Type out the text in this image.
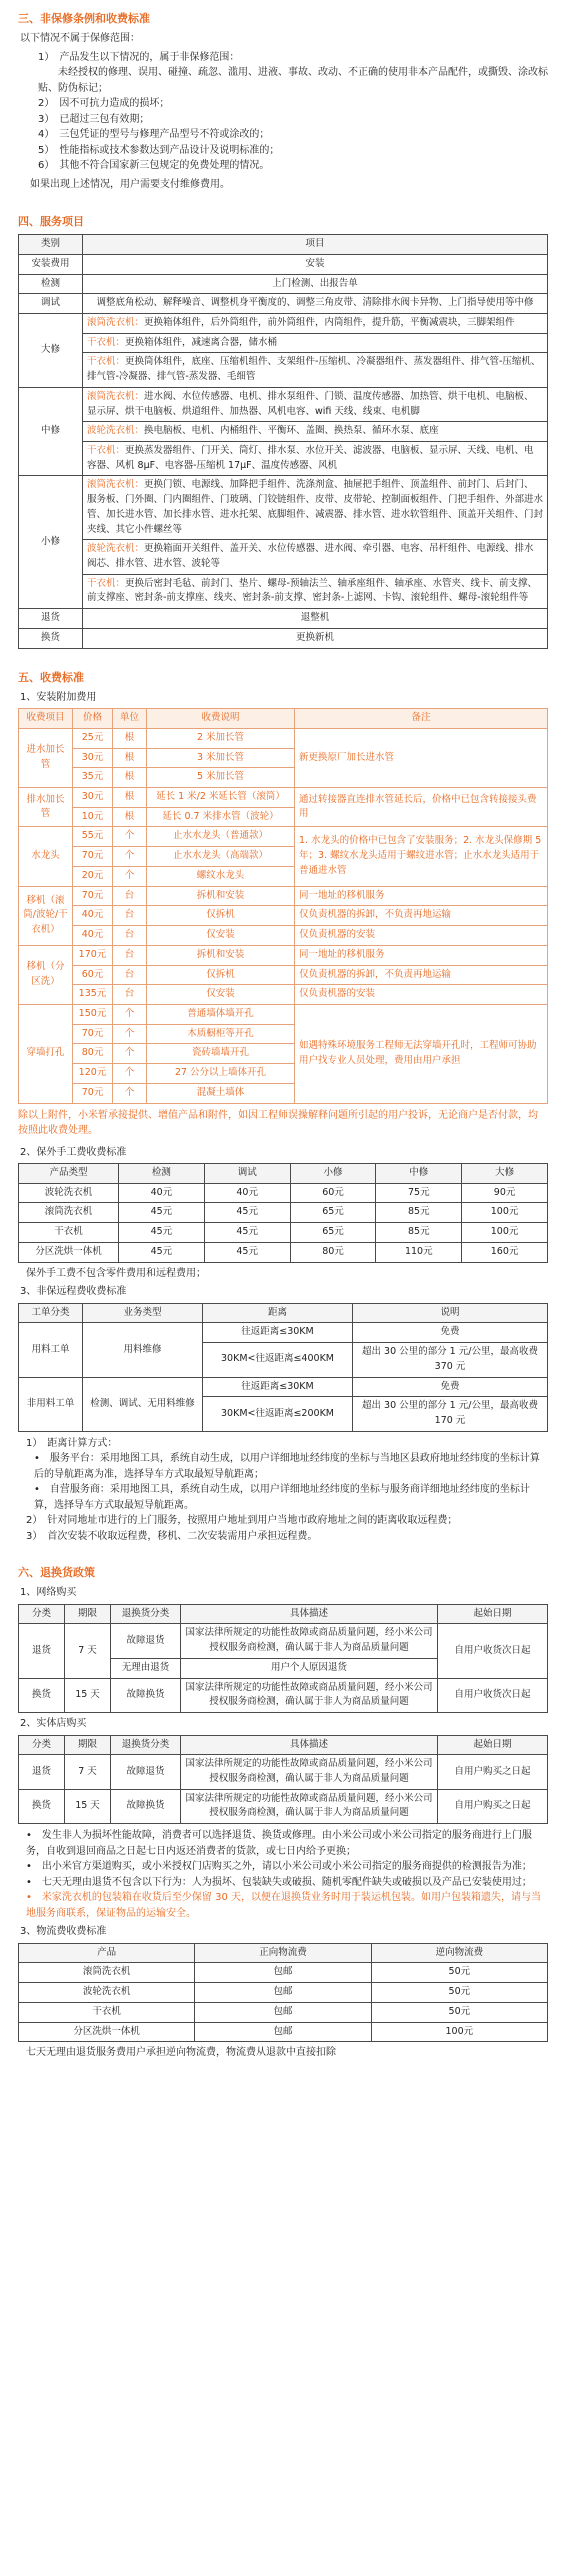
三、非保修条例和收费标准
以下情况不属于保修范围：
1）　产品发生以下情况的，属于非保修范围：
　　未经授权的修理、误用、碰撞、疏忽、滥用、进液、事故、改动、不正确的使用非本产品配件，或撕毁、涂改标贴、防伪标记；
2）　因不可抗力造成的损坏；
3）　已超过三包有效期；
4）　三包凭证的型号与修理产品型号不符或涂改的；
5）　性能指标或技术参数达到产品设计及说明标准的；
6）　其他不符合国家新三包规定的免费处理的情况。
如果出现上述情况，用户需要支付维修费用。
四、服务项目
类别	项目
安装费用	安装
检测	上门检测、出报告单
调试	调整底角松动、解释噪音、调整机身平衡度的、调整三角皮带、清除排水阀卡异物、上门指导使用等中修
大修	滚筒洗衣机：更换箱体组件，后外筒组件，前外筒组件，内筒组件，提升筋，平衡减震块，三脚架组件
	干衣机：更换箱体组件，减速离合器，储水桶
	干衣机：更换筒体组件，底座、压缩机组件、支架组件-压缩机、冷凝器组件、蒸发器组件、排气管-压缩机、排气管-冷凝器、排气管-蒸发器、毛细管
中修	滚筒洗衣机：进水阀、水位传感器、电机、排水泵组件、门锁、温度传感器、加热管、烘干电机、电脑板、显示屏、烘干电脑板、烘道组件、加热器、风机电容、wifi 天线、线束、电机脚
	波轮洗衣机：换电脑板、电机、内桶组件、平衡环、盖圈、换热泵、循环水泵、底座
	干衣机：更换蒸发器组件、门开关、筒灯、排水泵、水位开关、滤波器、电脑板、显示屏、天线、电机、电容器、风机 8μF、电容器-压缩机 17μF、温度传感器、风机
小修	滚筒洗衣机：更换门锁、电源线、加降把手组件、洗涤剂盒、抽屉把手组件、顶盖组件、前封门、后封门、服务板、门外圈、门内圈组件、门玻璃、门铰链组件、皮带、皮带轮、控制面板组件、门把手组件、外部进水管、加长进水管、加长排水管、进水托架、底脚组件、减震器、排水管、进水软管组件、顶盖开关组件、门封夹线、其它小件螺丝等
	波轮洗衣机：更换箱面开关组件、盖开关、水位传感器、进水阀、牵引器、电容、吊杆组件、电源线、排水阀芯、排水管、进水管、波轮等
	干衣机：更换后密封毛毡、前封门、垫片、螺母-预轴法兰、轴承座组件、轴承座、水管夹、线卡、前支撑、前支撑座、密封条-前支撑座、线夹、密封条-前支撑、密封条-上滤网、卡钩、滚轮组件、螺母-滚轮组件等
退货	退整机
换货	更换新机
五、收费标准
1、安装附加费用
收费项目	价格	单位	收费说明	备注
进水加长管	25元	根	2 米加长管	新更换原厂加长进水管
	30元	根	3 米加长管	
	35元	根	5 米加长管	
排水加长管	30元	根	延长 1 米/2 米延长管（滚筒）	通过转接器直连排水管延长后，价格中已包含转接接头费用
	10元	根	延长 0.7 米排水管（波轮）	
水龙头	55元	个	止水水龙头（普通款）	1. 水龙头的价格中已包含了安装服务；2. 水龙头保修期 5 年；3. 螺纹水龙头适用于螺纹进水管；止水水龙头适用于普通进水管
	70元	个	止水水龙头（高端款）	
	20元	个	螺纹水龙头	
移机（滚筒/波轮/干衣机）	70元	台	拆机和安装	同一地址的移机服务
	40元	台	仅拆机	仅负责机器的拆卸，不负责再地运输
	40元	台	仅安装	仅负责机器的安装
移机（分区洗）	170元	台	拆机和安装	同一地址的移机服务
	60元	台	仅拆机	仅负责机器的拆卸，不负责再地运输
	135元	台	仅安装	仅负责机器的安装
穿墙打孔	150元	个	普通墙体墙开孔	如遇特殊环境服务工程师无法穿墙开孔时，工程师可协助用户找专业人员处理，费用由用户承担
	70元	个	木质橱柜等开孔	
	80元	个	瓷砖墙墙开孔	
	120元	个	27 公分以上墙体开孔	
	70元	个	混凝土墙体	
除以上附件，小米暂承接提供、增值产品和附件，如因工程师误操解释问题所引起的用户投诉，无论商户是否付款，均按照此收费处理。
2、保外手工费收费标准
产品类型	检测	调试	小修	中修	大修
波轮洗衣机	40元	40元	60元	75元	90元
滚筒洗衣机	45元	45元	65元	85元	100元
干衣机	45元	45元	65元	85元	100元
分区洗烘一体机	45元	45元	80元	110元	160元
保外手工费不包含零件费用和远程费用；
3、非保远程费收费标准
工单分类	业务类型	距离	说明
用料工单	用料维修	往返距离≤30KM	免费
		30KM<往返距离≤400KM	超出 30 公里的部分 1 元/公里，最高收费 370 元
非用料工单	检测、调试、无用料维修	往返距离≤30KM	免费
		30KM<往返距离≤200KM	超出 30 公里的部分 1 元/公里，最高收费 170 元
1）　距离计算方式：
•　服务平台：采用地图工具，系统自动生成，以用户详细地址经纬度的坐标与当地区县政府地址经纬度的坐标计算后的导航距离为准，选择导车方式取最短导航距离；
•　自营服务商：采用地图工具，系统自动生成，以用户详细地址经纬度的坐标与服务商详细地址经纬度的坐标计算，选择导车方式取最短导航距离。
2）　针对同地址市进行的上门服务，按照用户地址到用户当地市政府地址之间的距离收取远程费；
3）　首次安装不收取远程费，移机、二次安装需用户承担远程费。
六、退换货政策
1、网络购买
分类	期限	退换货分类	具体描述	起始日期
退货	7 天	故障退货	国家法律所规定的功能性故障或商品质量问题，经小米公司授权服务商检测，确认属于非人为商品质量问题	自用户收货次日起
		无理由退货	用户个人原因退货	
换货	15 天	故障换货	国家法律所规定的功能性故障或商品质量问题，经小米公司授权服务商检测，确认属于非人为商品质量问题	自用户收货次日起
2、实体店购买
分类	期限	退换货分类	具体描述	起始日期
退货	7 天	故障退货	国家法律所规定的功能性故障或商品质量问题，经小米公司授权服务商检测，确认属于非人为商品质量问题	自用户购买之日起
换货	15 天	故障换货	国家法律所规定的功能性故障或商品质量问题，经小米公司授权服务商检测，确认属于非人为商品质量问题	自用户购买之日起
•　发生非人为损坏性能故障，消费者可以选择退货、换货或修理。由小米公司或小米公司指定的服务商进行上门服务，自收到退回商品之日起七日内返还消费者的货款，或七日内给予更换；
•　出小米官方渠道购买，或小米授权门店购买之外，请以小米公司或小米公司指定的服务商提供的检测报告为准；
•　七天无理由退货不包含以下行为：人为损坏、包装缺失或破损、随机零配件缺失或破损以及产品已安装使用过；
•　米家洗衣机的包装箱在收货后至少保留 30 天，以便在退换货业务时用于装运机包装。如用户包装箱遗失，请与当地服务商联系，保证物品的运输安全。
3、物流费收费标准
产品	正向物流费	逆向物流费
滚筒洗衣机	包邮	50元
波轮洗衣机	包邮	50元
干衣机	包邮	50元
分区洗烘一体机	包邮	100元
七天无理由退货服务费用户承担逆向物流费，物流费从退款中直接扣除
